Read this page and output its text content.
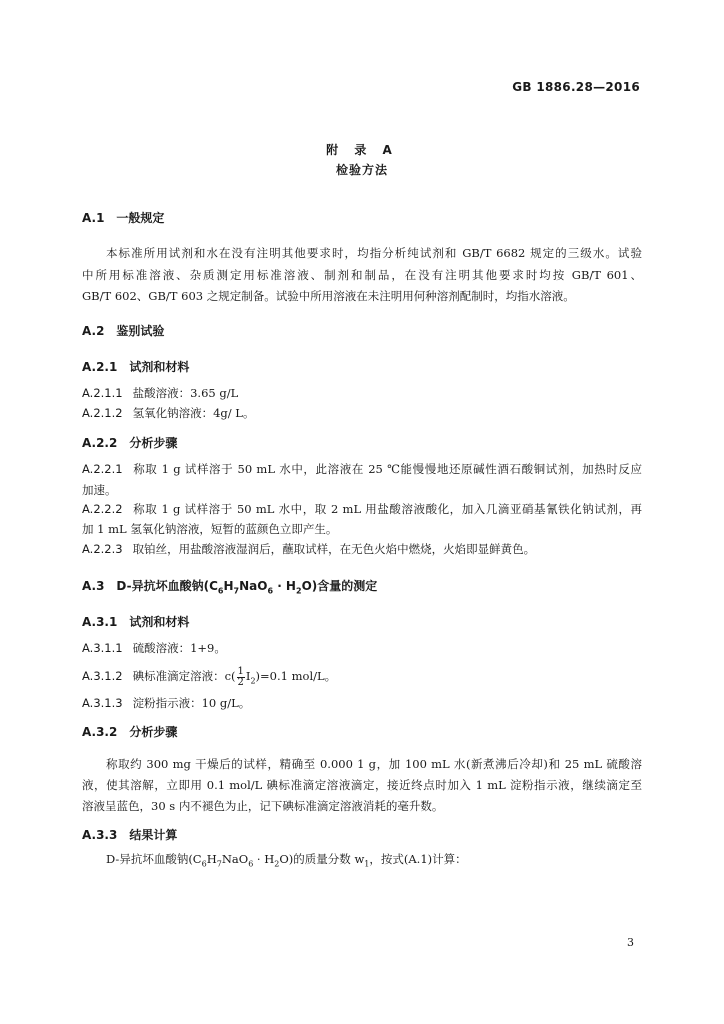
GB 1886.28—2016
附 录 A
检验方法
A.1 一般规定
本标准所用试剂和水在没有注明其他要求时，均指分析纯试剂和 GB/T 6682 规定的三级水。试验
中所用标准溶液、杂质测定用标准溶液、制剂和制品，在没有注明其他要求时均按 GB/T 601、
GB/T 602、GB/T 603 之规定制备。试验中所用溶液在未注明用何种溶剂配制时，均指水溶液。
A.2 鉴别试验
A.2.1 试剂和材料
A.2.1.1 盐酸溶液：3.65 g/L
A.2.1.2 氢氧化钠溶液：4g/ L。
A.2.2 分析步骤
A.2.2.1 称取 1 g 试样溶于 50 mL 水中，此溶液在 25 ℃能慢慢地还原碱性酒石酸铜试剂，加热时反应
加速。
A.2.2.2 称取 1 g 试样溶于 50 mL 水中，取 2 mL 用盐酸溶液酸化，加入几滴亚硝基氰铁化钠试剂，再
加 1 mL 氢氧化钠溶液，短暂的蓝颜色立即产生。
A.2.2.3 取铂丝，用盐酸溶液湿润后，蘸取试样，在无色火焰中燃烧，火焰即显鲜黄色。
A.3 D-异抗坏血酸钠$(C_6H_7NaO_6 \cdot H_2O)$含量的测定
A.3.1 试剂和材料
A.3.1.1 硫酸溶液：1+9。
A.3.1.2 碘标准滴定溶液：$c( \frac{1}{2} I_2)=0.1$ mol/L。
A.3.1.3 淀粉指示液：10 g/L。
A.3.2 分析步骤
称取约 300 mg 干燥后的试样，精确至 0.000 1 g，加 100 mL 水(新煮沸后冷却)和 25 mL 硫酸溶
液，使其溶解，立即用 0.1 mol/L 碘标准滴定溶液滴定，接近终点时加入 1 mL 淀粉指示液，继续滴定至
溶液呈蓝色，30 s 内不褪色为止，记下碘标准滴定溶液消耗的毫升数。
A.3.3 结果计算
D-异抗坏血酸钠$(C_6H_7NaO_6 \cdot H_2O)$的质量分数 $w_1$，按式(A.1)计算：
3
